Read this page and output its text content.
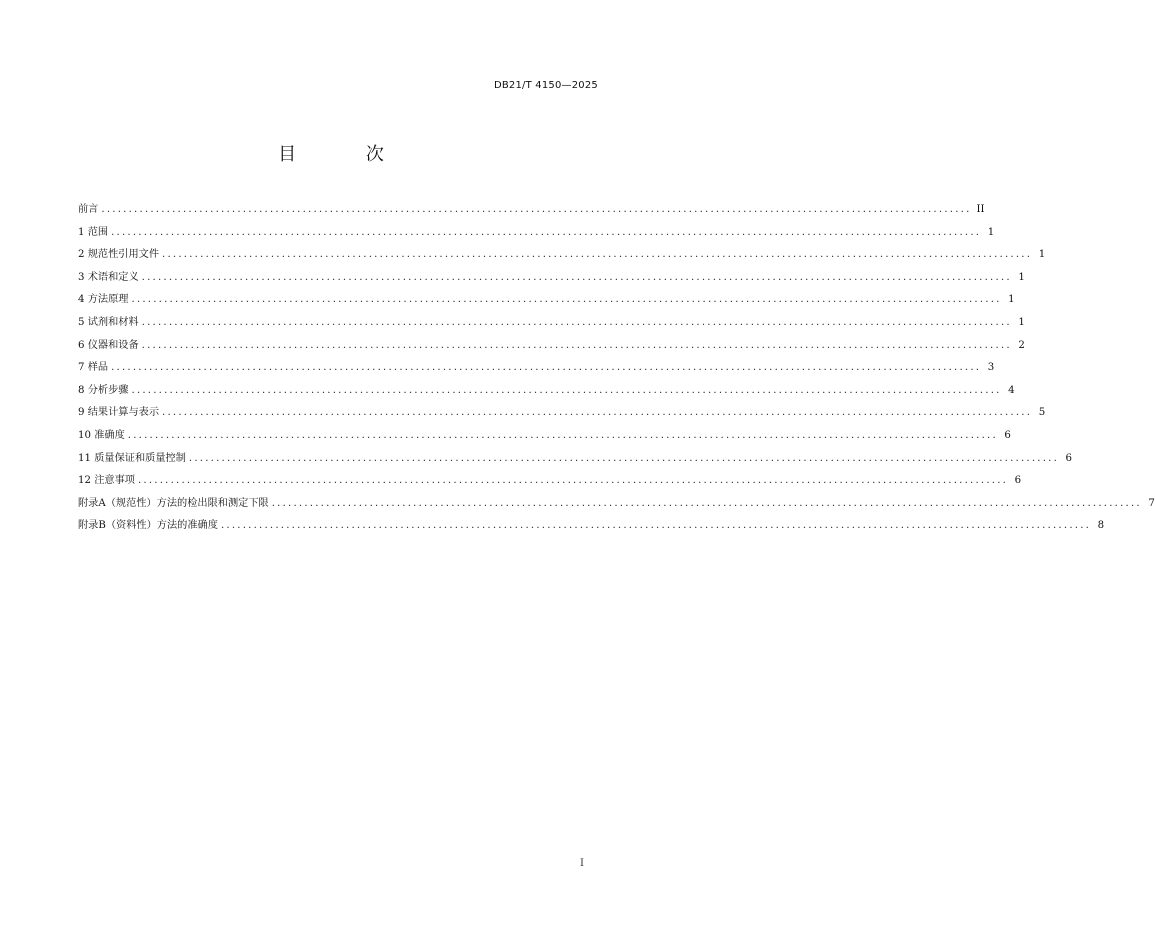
DB21/T 4150—2025
目 次
前言 ................................................................................................................................................................ II
1 范围 ................................................................................................................................................................ 1
2 规范性引用文件 ................................................................................................................................................................ 1
3 术语和定义 ................................................................................................................................................................ 1
4 方法原理 ................................................................................................................................................................ 1
5 试剂和材料 ................................................................................................................................................................ 1
6 仪器和设备 ................................................................................................................................................................ 2
7 样品 ................................................................................................................................................................ 3
8 分析步骤 ................................................................................................................................................................ 4
9 结果计算与表示 ................................................................................................................................................................ 5
10 准确度 ................................................................................................................................................................ 6
11 质量保证和质量控制 ................................................................................................................................................................ 6
12 注意事项 ................................................................................................................................................................ 6
附录A（规范性）方法的检出限和测定下限 ................................................................................................................................................................ 7
附录B（资料性）方法的准确度 ................................................................................................................................................................ 8
I
